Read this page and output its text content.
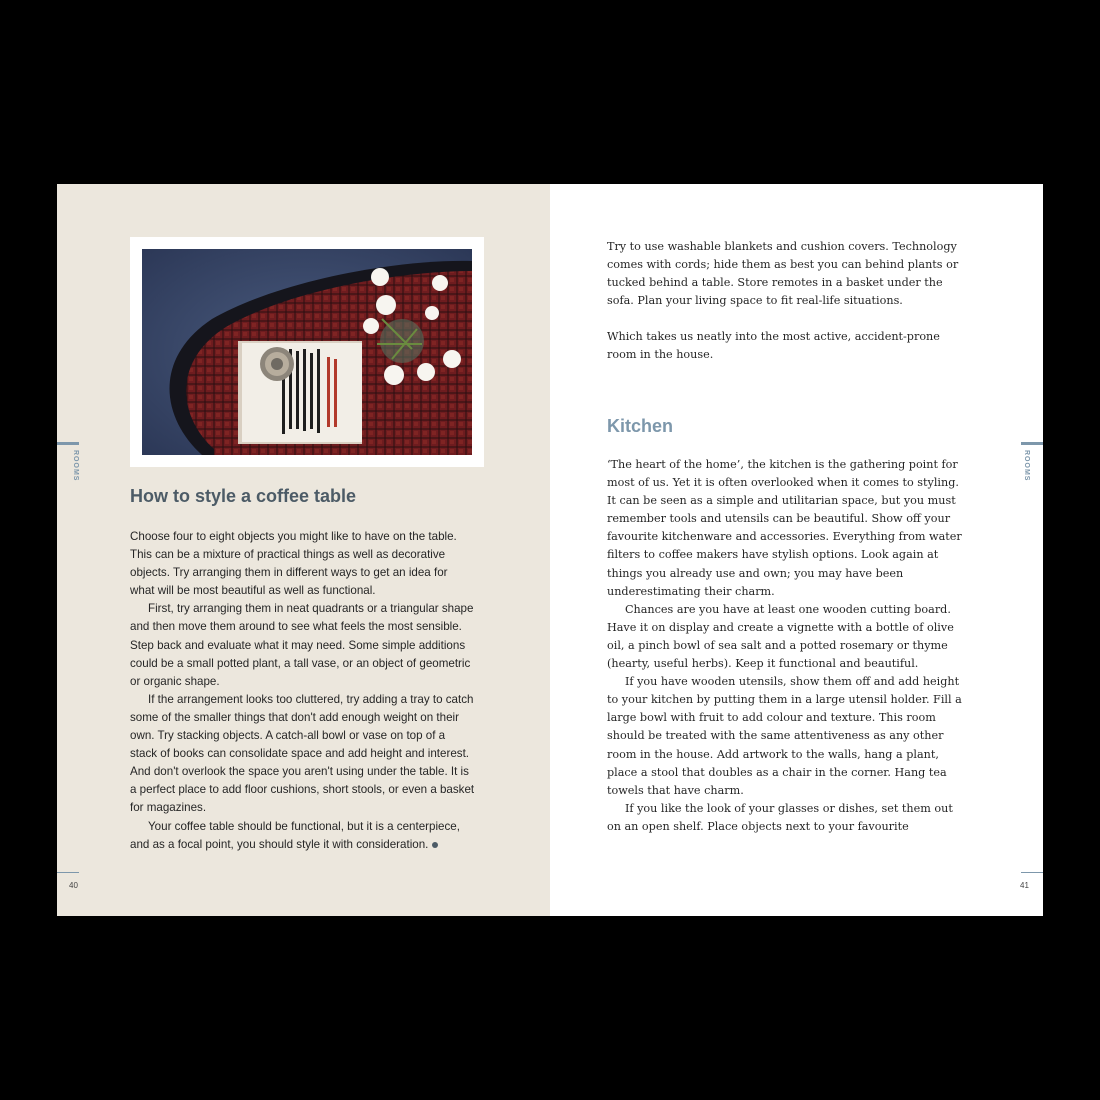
ROOMS
How to style a coffee table

Choose four to eight objects you might like to have on the table. This can be a mixture of practical things as well as decorative objects. Try arranging them in different ways to get an idea for what will be most beautiful as well as functional.

First, try arranging them in neat quadrants or a triangular shape and then move them around to see what feels the most sensible. Step back and evaluate what it may need. Some simple additions could be a small potted plant, a tall vase, or an object of geometric or organic shape.

If the arrangement looks too cluttered, try adding a tray to catch some of the smaller things that don't add enough weight on their own. Try stacking objects. A catch-all bowl or vase on top of a stack of books can consolidate space and add height and interest. And don't overlook the space you aren't using under the table. It is a perfect place to add floor cushions, short stools, or even a basket for magazines.

Your coffee table should be functional, but it is a centerpiece, and as a focal point, you should style it with consideration.

40

Try to use washable blankets and cushion covers. Technology comes with cords; hide them as best you can behind plants or tucked behind a table. Store remotes in a basket under the sofa. Plan your living space to fit real-life situations.

Which takes us neatly into the most active, accident-prone room in the house.

Kitchen

‘The heart of the home’, the kitchen is the gathering point for most of us. Yet it is often overlooked when it comes to styling. It can be seen as a simple and utilitarian space, but you must remember tools and utensils can be beautiful. Show off your favourite kitchenware and accessories. Everything from water filters to coffee makers have stylish options. Look again at things you already use and own; you may have been underestimating their charm.

Chances are you have at least one wooden cutting board. Have it on display and create a vignette with a bottle of olive oil, a pinch bowl of sea salt and a potted rosemary or thyme (hearty, useful herbs). Keep it functional and beautiful.

If you have wooden utensils, show them off and add height to your kitchen by putting them in a large utensil holder. Fill a large bowl with fruit to add colour and texture. This room should be treated with the same attentiveness as any other room in the house. Add artwork to the walls, hang a plant, place a stool that doubles as a chair in the corner. Hang tea towels that have charm.

If you like the look of your glasses or dishes, set them out on an open shelf. Place objects next to your favourite

ROOMS
41
